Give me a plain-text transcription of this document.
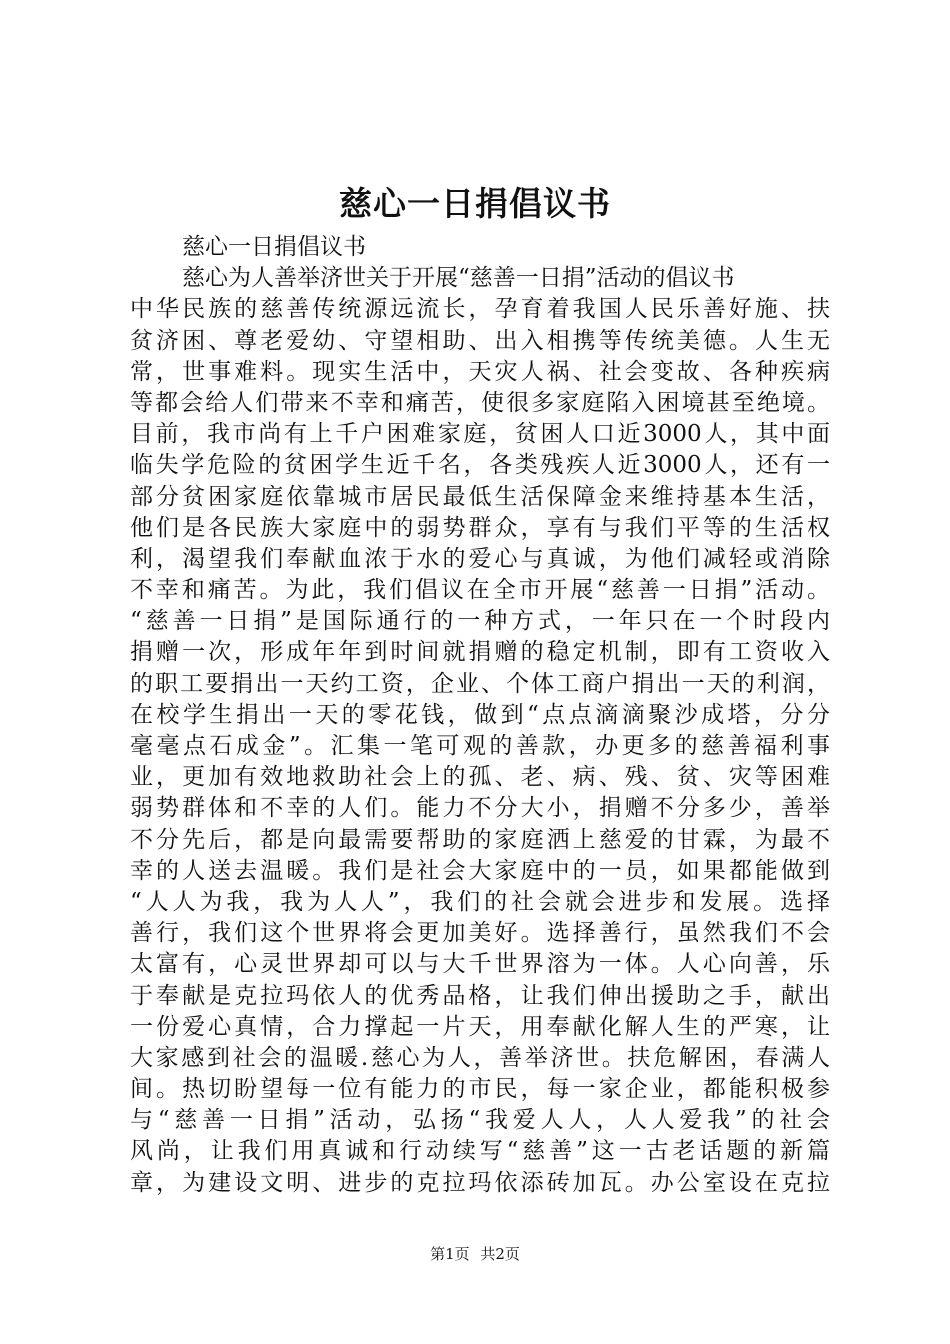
慈心一日捐倡议书
慈心一日捐倡议书
慈心为人善举济世关于开展“慈善一日捐”活动的倡议书
中华民族的慈善传统源远流长，孕育着我国人民乐善好施、扶
贫济困、尊老爱幼、守望相助、出入相携等传统美德。人生无
常，世事难料。现实生活中，天灾人祸、社会变故、各种疾病
等都会给人们带来不幸和痛苦，使很多家庭陷入困境甚至绝境。
目前，我市尚有上千户困难家庭，贫困人口近3000人，其中面
临失学危险的贫困学生近千名，各类残疾人近3000人，还有一
部分贫困家庭依靠城市居民最低生活保障金来维持基本生活，
他们是各民族大家庭中的弱势群众，享有与我们平等的生活权
利，渴望我们奉献血浓于水的爱心与真诚，为他们减轻或消除
不幸和痛苦。为此，我们倡议在全市开展“慈善一日捐”活动。
“慈善一日捐”是国际通行的一种方式，一年只在一个时段内
捐赠一次，形成年年到时间就捐赠的稳定机制，即有工资收入
的职工要捐出一天约工资，企业、个体工商户捐出一天的利润，
在校学生捐出一天的零花钱，做到“点点滴滴聚沙成塔，分分
毫毫点石成金”。汇集一笔可观的善款，办更多的慈善福利事
业，更加有效地救助社会上的孤、老、病、残、贫、灾等困难
弱势群体和不幸的人们。能力不分大小，捐赠不分多少，善举
不分先后，都是向最需要帮助的家庭洒上慈爱的甘霖，为最不
幸的人送去温暖。我们是社会大家庭中的一员，如果都能做到
“人人为我，我为人人”，我们的社会就会进步和发展。选择
善行，我们这个世界将会更加美好。选择善行，虽然我们不会
太富有，心灵世界却可以与大千世界溶为一体。人心向善，乐
于奉献是克拉玛依人的优秀品格，让我们伸出援助之手，献出
一份爱心真情，合力撑起一片天，用奉献化解人生的严寒，让
大家感到社会的温暖.慈心为人，善举济世。扶危解困，春满人
间。热切盼望每一位有能力的市民，每一家企业，都能积极参
与“慈善一日捐”活动，弘扬“我爱人人，人人爱我”的社会
风尚，让我们用真诚和行动续写“慈善”这一古老话题的新篇
章，为建设文明、进步的克拉玛依添砖加瓦。办公室设在克拉
第1页 共2页
